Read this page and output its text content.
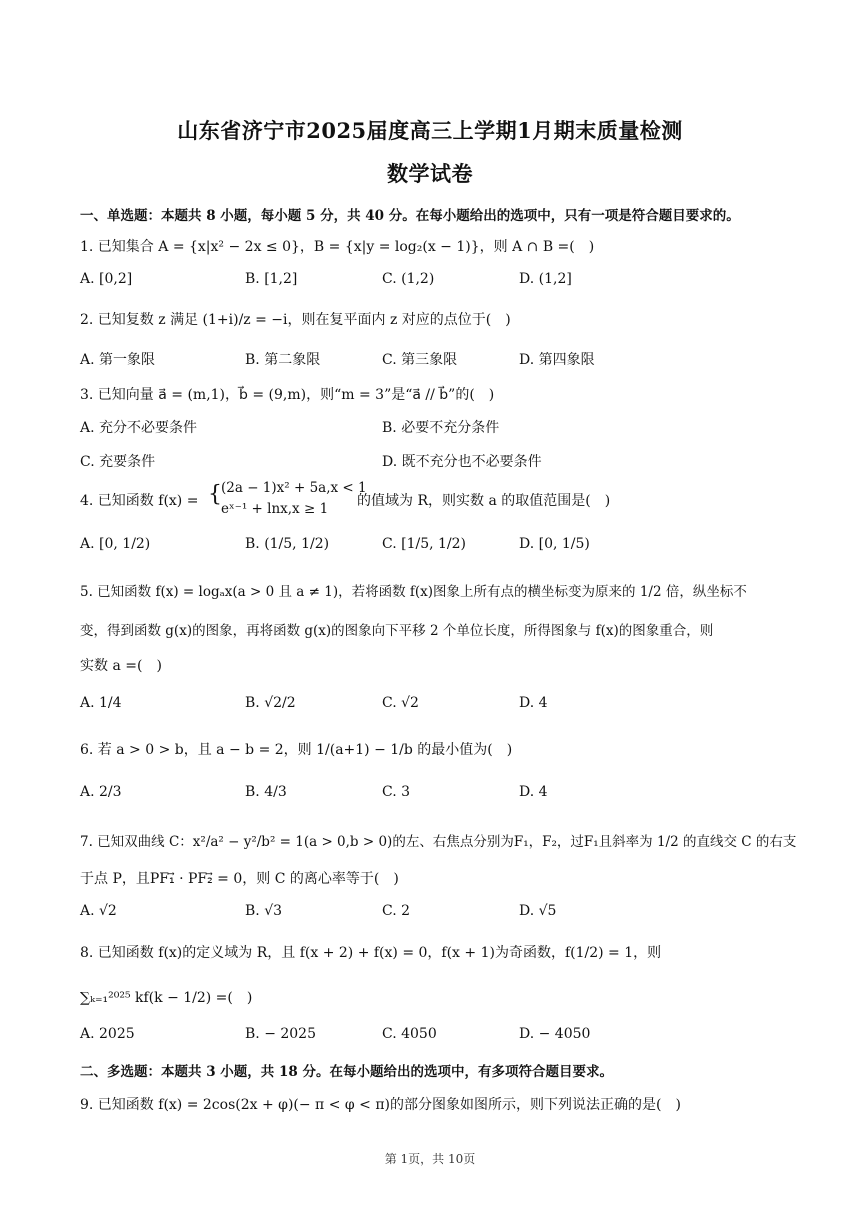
山东省济宁市2025届度高三上学期1月期末质量检测
数学试卷
一、单选题：本题共 8 小题，每小题 5 分，共 40 分。在每小题给出的选项中，只有一项是符合题目要求的。
1. 已知集合 A = {x|x² − 2x ≤ 0}，B = {x|y = log₂(x − 1)}，则 A ∩ B =(　)
A. [0,2]	B. [1,2]	C. (1,2)	D. (1,2]
2. 已知复数 z 满足 (1+i)/z = −i，则在复平面内 z 对应的点位于(　)
A. 第一象限	B. 第二象限	C. 第三象限	D. 第四象限
3. 已知向量 a⃗ = (m,1)，b⃗ = (9,m)，则“m = 3”是“a⃗ // b⃗”的(　)
A. 充分不必要条件	B. 必要不充分条件
C. 充要条件	D. 既不充分也不必要条件
4. 已知函数 f(x) = { (2a − 1)x² + 5a,x < 1
eˣ⁻¹ + lnx,x ≥ 1 的值域为 R，则实数 a 的取值范围是(　)
A. [0, 1/2)	B. (1/5, 1/2)	C. [1/5, 1/2)	D. [0, 1/5)
5. 已知函数 f(x) = logₐx(a > 0 且 a ≠ 1)，若将函数 f(x)图象上所有点的横坐标变为原来的 1/2 倍，纵坐标不
变，得到函数 g(x)的图象，再将函数 g(x)的图象向下平移 2 个单位长度，所得图象与 f(x)的图象重合，则
实数 a =(　)
A. 1/4	B. √2/2	C. √2	D. 4
6. 若 a > 0 > b，且 a − b = 2，则 1/(a+1) − 1/b 的最小值为(　)
A. 2/3	B. 4/3	C. 3	D. 4
7. 已知双曲线 C：x²/a² − y²/b² = 1(a > 0,b > 0)的左、右焦点分别为F₁，F₂，过F₁且斜率为 1/2 的直线交 C 的右支
于点 P，且PF₁⃗ · PF₂⃗ = 0，则 C 的离心率等于(　)
A. √2	B. √3	C. 2	D. √5
8. 已知函数 f(x)的定义域为 R，且 f(x + 2) + f(x) = 0，f(x + 1)为奇函数，f(1/2) = 1，则
∑ₖ₌₁²⁰²⁵ kf(k − 1/2) =(　)
A. 2025	B. − 2025	C. 4050	D. − 4050
二、多选题：本题共 3 小题，共 18 分。在每小题给出的选项中，有多项符合题目要求。
9. 已知函数 f(x) = 2cos(2x + φ)(− π < φ < π)的部分图象如图所示，则下列说法正确的是(　)
第 1页，共 10页
